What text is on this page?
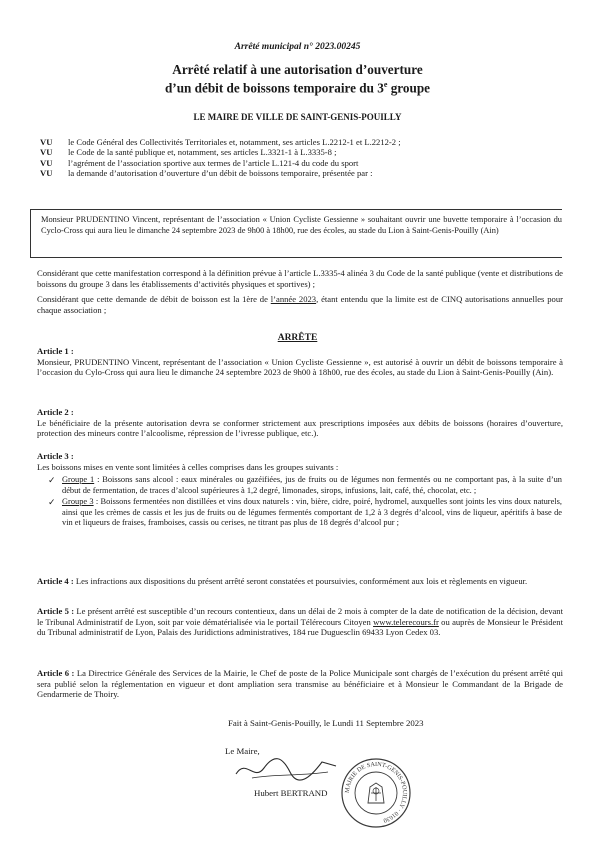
Arrêté municipal n° 2023.00245
Arrêté relatif à une autorisation d’ouverture
d’un débit de boissons temporaire du 3e groupe
LE MAIRE DE VILLE DE SAINT-GENIS-POUILLY
VU	le Code Général des Collectivités Territoriales et, notamment, ses articles L.2212-1 et L.2212-2 ;
VU	le Code de la santé publique et, notamment, ses articles L.3321-1 à L.3335-8 ;
VU	l’agrément de l’association sportive aux termes de l’article L.121-4 du code du sport
VU	la demande d’autorisation d’ouverture d’un débit de boissons temporaire, présentée par :
Monsieur PRUDENTINO Vincent, représentant de l’association « Union Cycliste Gessienne » souhaitant ouvrir une buvette temporaire à l’occasion du Cyclo-Cross qui aura lieu le dimanche 24 septembre 2023 de 9h00 à 18h00, rue des écoles, au stade du Lion à Saint-Genis-Pouilly (Ain)
Considérant que cette manifestation correspond à la définition prévue à l’article L.3335-4 alinéa 3 du Code de la santé publique (vente et distributions de boissons du groupe 3 dans les établissements d’activités physiques et sportives) ;
Considérant que cette demande de débit de boisson est la 1ère de l’année 2023, étant entendu que la limite est de CINQ autorisations annuelles pour chaque association ;
ARRÊTE
Article 1 :
Monsieur, PRUDENTINO Vincent, représentant de l’association « Union Cycliste Gessienne », est autorisé à ouvrir un débit de boissons temporaire à l’occasion du Cylo-Cross qui aura lieu le dimanche 24 septembre 2023 de 9h00 à 18h00, rue des écoles, au stade du Lion à Saint-Genis-Pouilly (Ain).
Article 2 :
Le bénéficiaire de la présente autorisation devra se conformer strictement aux prescriptions imposées aux débits de boissons (horaires d’ouverture, protection des mineurs contre l’alcoolisme, répression de l’ivresse publique, etc.).
Article 3 :
Les boissons mises en vente sont limitées à celles comprises dans les groupes suivants :
✓ Groupe 1 : Boissons sans alcool : eaux minérales ou gazéifiées, jus de fruits ou de légumes non fermentés ou ne comportant pas, à la suite d’un début de fermentation, de traces d’alcool supérieures à 1,2 degré, limonades, sirops, infusions, lait, café, thé, chocolat, etc. ;
✓ Groupe 3 : Boissons fermentées non distillées et vins doux naturels : vin, bière, cidre, poiré, hydromel, auxquelles sont joints les vins doux naturels, ainsi que les crèmes de cassis et les jus de fruits ou de légumes fermentés comportant de 1,2 à 3 degrés d’alcool, vins de liqueur, apéritifs à base de vin et liqueurs de fraises, framboises, cassis ou cerises, ne titrant pas plus de 18 degrés d’alcool pur ;
Article 4 : Les infractions aux dispositions du présent arrêté seront constatées et poursuivies, conformément aux lois et règlements en vigueur.
Article 5 : Le présent arrêté est susceptible d’un recours contentieux, dans un délai de 2 mois à compter de la date de notification de la décision, devant le Tribunal Administratif de Lyon, soit par voie dématérialisée via le portail Télérecours Citoyen www.telerecours.fr ou auprès de Monsieur le Président du Tribunal administratif de Lyon, Palais des Juridictions administratives, 184 rue Duguesclin 69433 Lyon Cedex 03.
Article 6 : La Directrice Générale des Services de la Mairie, le Chef de poste de la Police Municipale sont chargés de l’exécution du présent arrêté qui sera publié selon la réglementation en vigueur et dont ampliation sera transmise au bénéficiaire et à Monsieur le Commandant de la Brigade de Gendarmerie de Thoiry.
Fait à Saint-Genis-Pouilly, le Lundi 11 Septembre 2023
Le Maire,
Hubert BERTRAND	MAIRIE DE SAINT-GENIS-POUILLY · 01630
